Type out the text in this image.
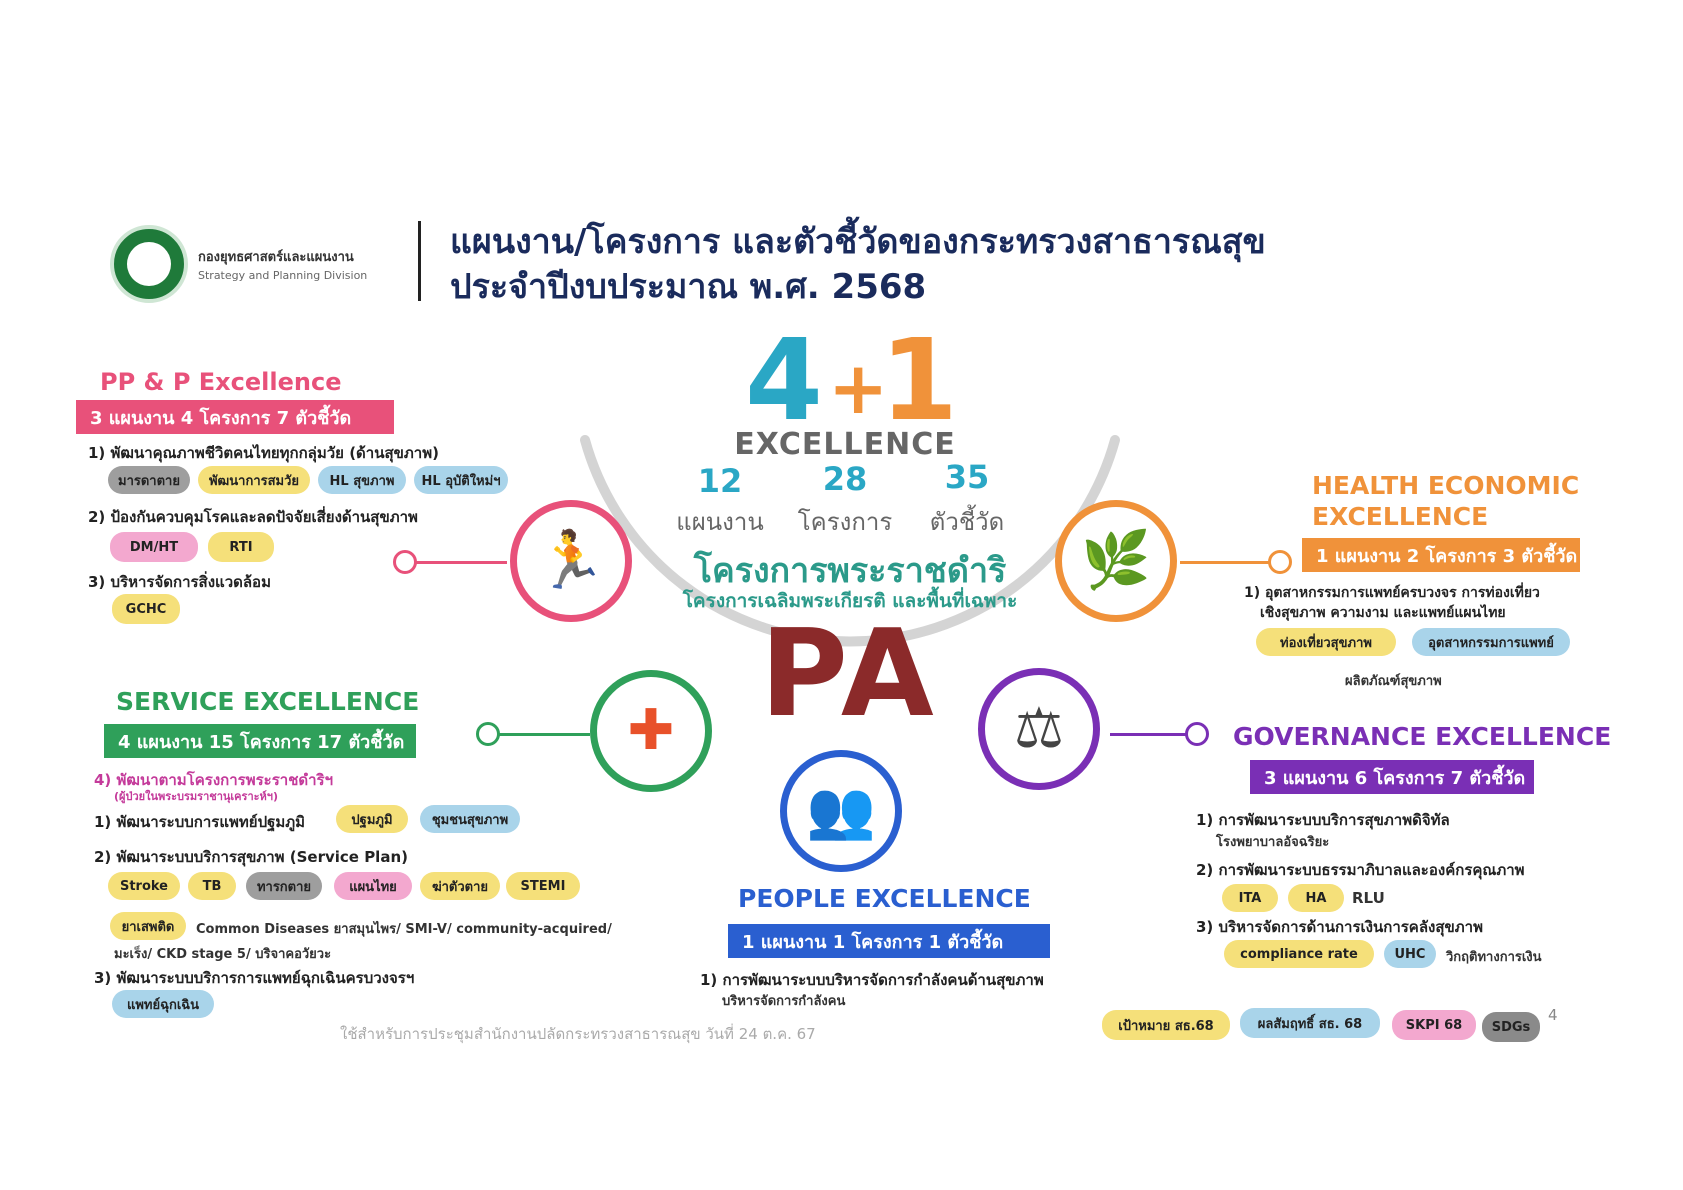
กองยุทธศาสตร์และแผนงาน
Strategy and Planning Division
แผนงาน/โครงการ และตัวชี้วัดของกระทรวงสาธารณสุข
ประจำปีงบประมาณ พ.ศ. 2568
4 +
1
EXCELLENCE
12	28	35
แผนงาน	โครงการ	ตัวชี้วัด
โครงการพระราชดำริ
โครงการเฉลิมพระเกียรติ และพื้นที่เฉพาะ
PA
🏃
✚
👥
⚖
🌿
PP & P Excellence
3 แผนงาน 4 โครงการ 7 ตัวชี้วัด
1) พัฒนาคุณภาพชีวิตคนไทยทุกกลุ่มวัย (ด้านสุขภาพ)
มารดาตาย	พัฒนาการสมวัย	HL สุขภาพ	HL อุบัติใหม่ฯ
2) ป้องกันควบคุมโรคและลดปัจจัยเสี่ยงด้านสุขภาพ
DM/HT	RTI
3) บริหารจัดการสิ่งแวดล้อม
GCHC
SERVICE EXCELLENCE
4 แผนงาน 15 โครงการ 17 ตัวชี้วัด
4) พัฒนาตามโครงการพระราชดำริฯ
(ผู้ป่วยในพระบรมราชานุเคราะห์ฯ)
1) พัฒนาระบบการแพทย์ปฐมภูมิ	ปฐมภูมิ	ชุมชนสุขภาพ
2) พัฒนาระบบบริการสุขภาพ (Service Plan)
Stroke	TB	ทารกตาย	แผนไทย	ฆ่าตัวตาย	STEMI
ยาเสพติด	Common Diseases ยาสมุนไพร/ SMI-V/ community-acquired/
มะเร็ง/ CKD stage 5/ บริจาคอวัยวะ
3) พัฒนาระบบบริการการแพทย์ฉุกเฉินครบวงจรฯ
แพทย์ฉุกเฉิน
HEALTH ECONOMIC
EXCELLENCE
1 แผนงาน 2 โครงการ 3 ตัวชี้วัด
1) อุตสาหกรรมการแพทย์ครบวงจร การท่องเที่ยว
เชิงสุขภาพ ความงาม และแพทย์แผนไทย
ท่องเที่ยวสุขภาพ	อุตสาหกรรมการแพทย์
ผลิตภัณฑ์สุขภาพ
GOVERNANCE EXCELLENCE
3 แผนงาน 6 โครงการ 7 ตัวชี้วัด
1) การพัฒนาระบบบริการสุขภาพดิจิทัล
โรงพยาบาลอัจฉริยะ
2) การพัฒนาระบบธรรมาภิบาลและองค์กรคุณภาพ
ITA	HA	RLU
3) บริหารจัดการด้านการเงินการคลังสุขภาพ
compliance rate	UHC	วิกฤติทางการเงิน
PEOPLE EXCELLENCE
1 แผนงาน 1 โครงการ 1 ตัวชี้วัด
1) การพัฒนาระบบบริหารจัดการกำลังคนด้านสุขภาพ
บริหารจัดการกำลังคน
เป้าหมาย สธ.68	ผลสัมฤทธิ์ สธ. 68	SKPI 68	SDGs
ใช้สำหรับการประชุมสำนักงานปลัดกระทรวงสาธารณสุข วันที่ 24 ต.ค. 67
4
